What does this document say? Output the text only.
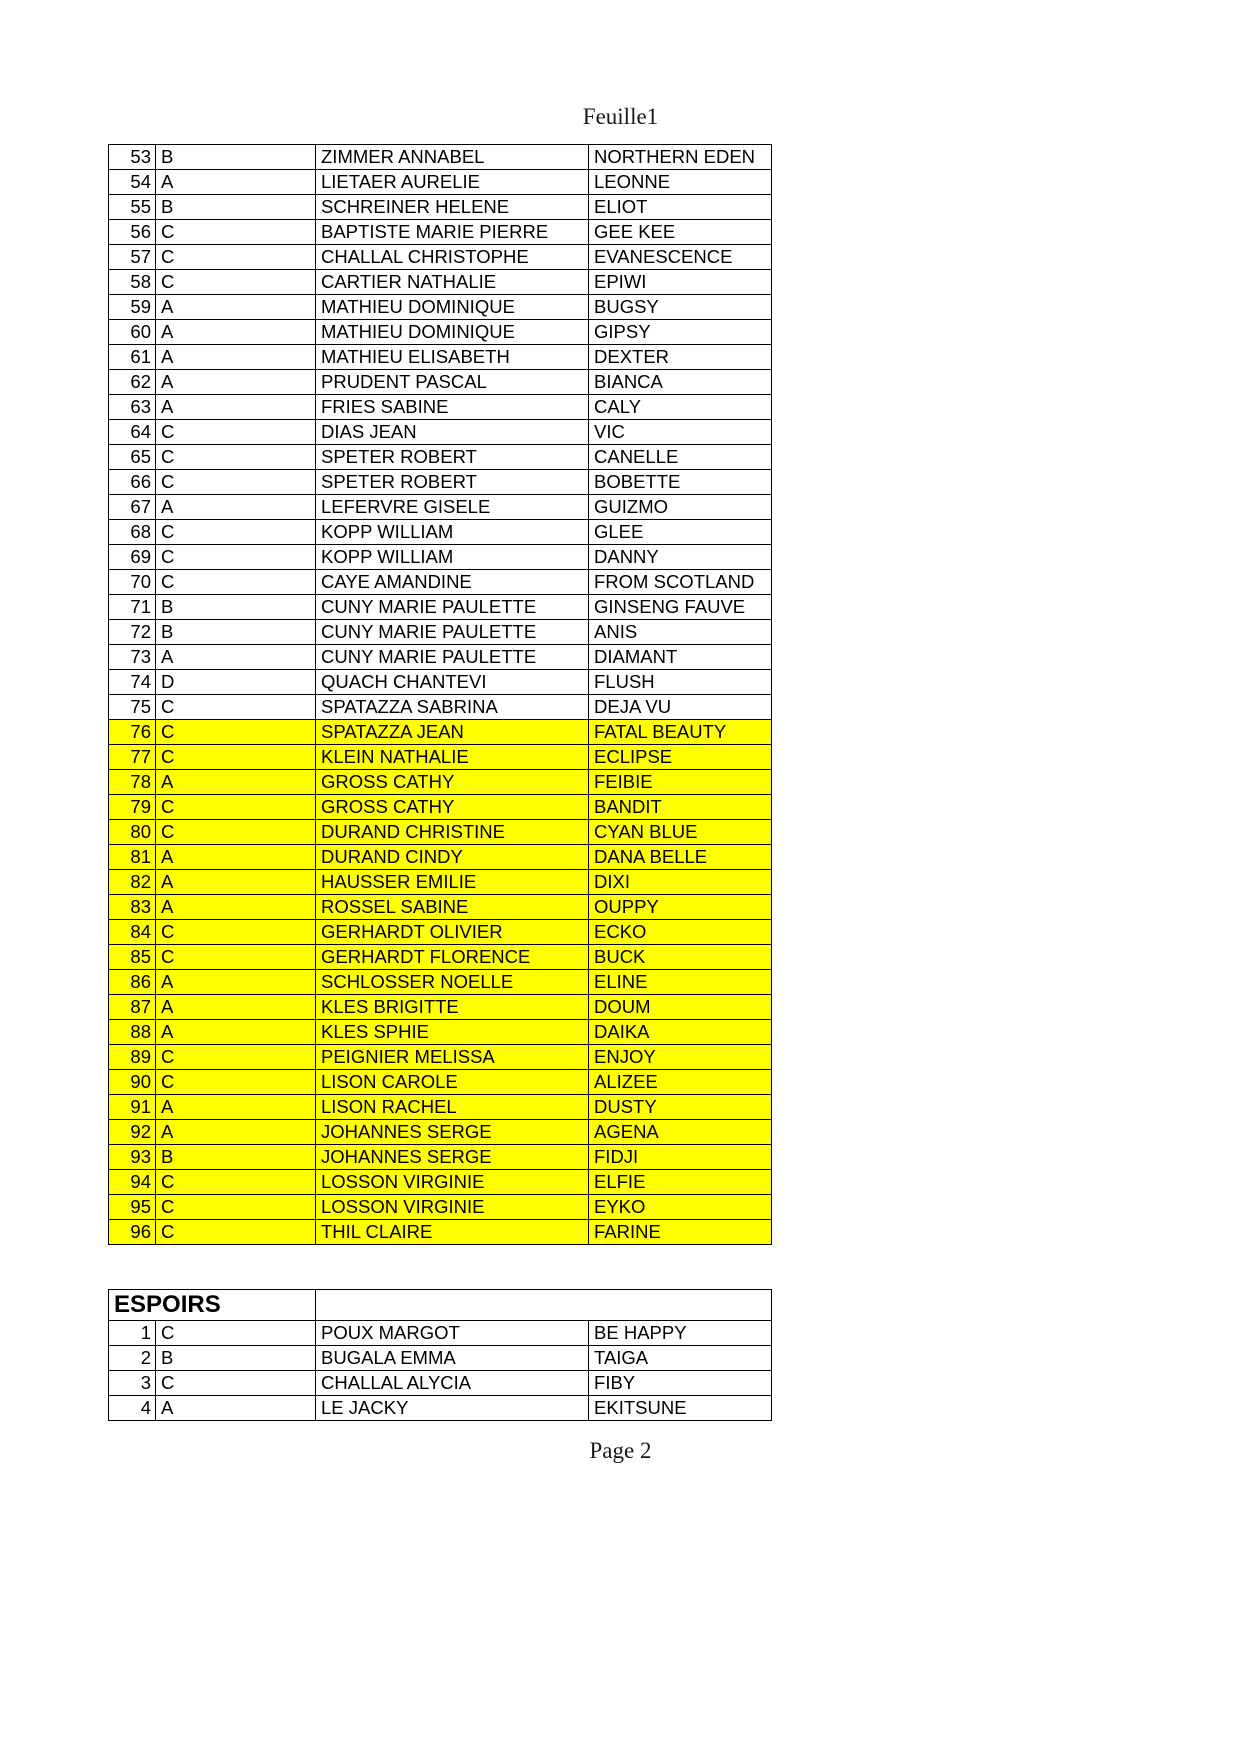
Feuille1
53	B	ZIMMER ANNABEL	NORTHERN EDEN
54	A	LIETAER AURELIE	LEONNE
55	B	SCHREINER HELENE	ELIOT
56	C	BAPTISTE MARIE PIERRE	GEE KEE
57	C	CHALLAL CHRISTOPHE	EVANESCENCE
58	C	CARTIER NATHALIE	EPIWI
59	A	MATHIEU DOMINIQUE	BUGSY
60	A	MATHIEU DOMINIQUE	GIPSY
61	A	MATHIEU ELISABETH	DEXTER
62	A	PRUDENT PASCAL	BIANCA
63	A	FRIES SABINE	CALY
64	C	DIAS JEAN	VIC
65	C	SPETER ROBERT	CANELLE
66	C	SPETER ROBERT	BOBETTE
67	A	LEFERVRE GISELE	GUIZMO
68	C	KOPP WILLIAM	GLEE
69	C	KOPP WILLIAM	DANNY
70	C	CAYE AMANDINE	FROM SCOTLAND
71	B	CUNY MARIE PAULETTE	GINSENG FAUVE
72	B	CUNY MARIE PAULETTE	ANIS
73	A	CUNY MARIE PAULETTE	DIAMANT
74	D	QUACH CHANTEVI	FLUSH
75	C	SPATAZZA SABRINA	DEJA VU
76	C	SPATAZZA JEAN	FATAL BEAUTY
77	C	KLEIN NATHALIE	ECLIPSE
78	A	GROSS CATHY	FEIBIE
79	C	GROSS CATHY	BANDIT
80	C	DURAND CHRISTINE	CYAN BLUE
81	A	DURAND CINDY	DANA BELLE
82	A	HAUSSER EMILIE	DIXI
83	A	ROSSEL SABINE	OUPPY
84	C	GERHARDT OLIVIER	ECKO
85	C	GERHARDT FLORENCE	BUCK
86	A	SCHLOSSER NOELLE	ELINE
87	A	KLES BRIGITTE	DOUM
88	A	KLES SPHIE	DAIKA
89	C	PEIGNIER MELISSA	ENJOY
90	C	LISON CAROLE	ALIZEE
91	A	LISON RACHEL	DUSTY
92	A	JOHANNES SERGE	AGENA
93	B	JOHANNES SERGE	FIDJI
94	C	LOSSON VIRGINIE	ELFIE
95	C	LOSSON VIRGINIE	EYKO
96	C	THIL CLAIRE	FARINE
ESPOIRS			
1	C	POUX MARGOT	BE HAPPY
2	B	BUGALA EMMA	TAIGA
3	C	CHALLAL ALYCIA	FIBY
4	A	LE JACKY	EKITSUNE
Page 2
